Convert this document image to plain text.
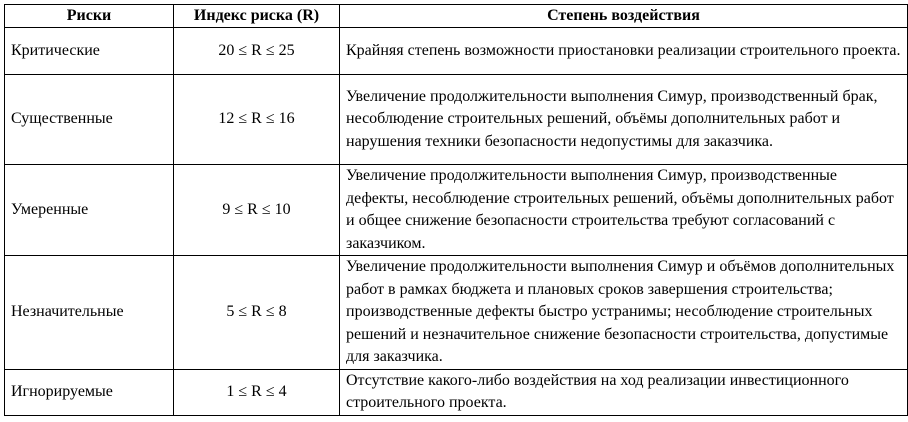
Риски	Индекс риска (R)	Степень воздействия
Критические	20 ≤ R ≤ 25	Крайняя степень возможности приостановки реализации строительного проекта.
Существенные	12 ≤ R ≤ 16	Увеличение продолжительности выполнения Симур, производственный брак, несоблюдение строительных решений, объёмы дополнительных работ и нарушения техники безопасности недопустимы для заказчика.
Умеренные	9 ≤ R ≤ 10	Увеличение продолжительности выполнения Симур, производственные дефекты, несоблюдение строительных решений, объёмы дополнительных работ и общее снижение безопасности строительства требуют согласований с заказчиком.
Незначительные	5 ≤ R ≤ 8	Увеличение продолжительности выполнения Симур и объёмов дополнительных работ в рамках бюджета и плановых сроков завершения строительства; производственные дефекты быстро устранимы; несоблюдение строительных решений и незначительное снижение безопасности строительства, допустимые для заказчика.
Игнорируемые	1 ≤ R ≤ 4	Отсутствие какого-либо воздействия на ход реализации инвестиционного строительного проекта.
